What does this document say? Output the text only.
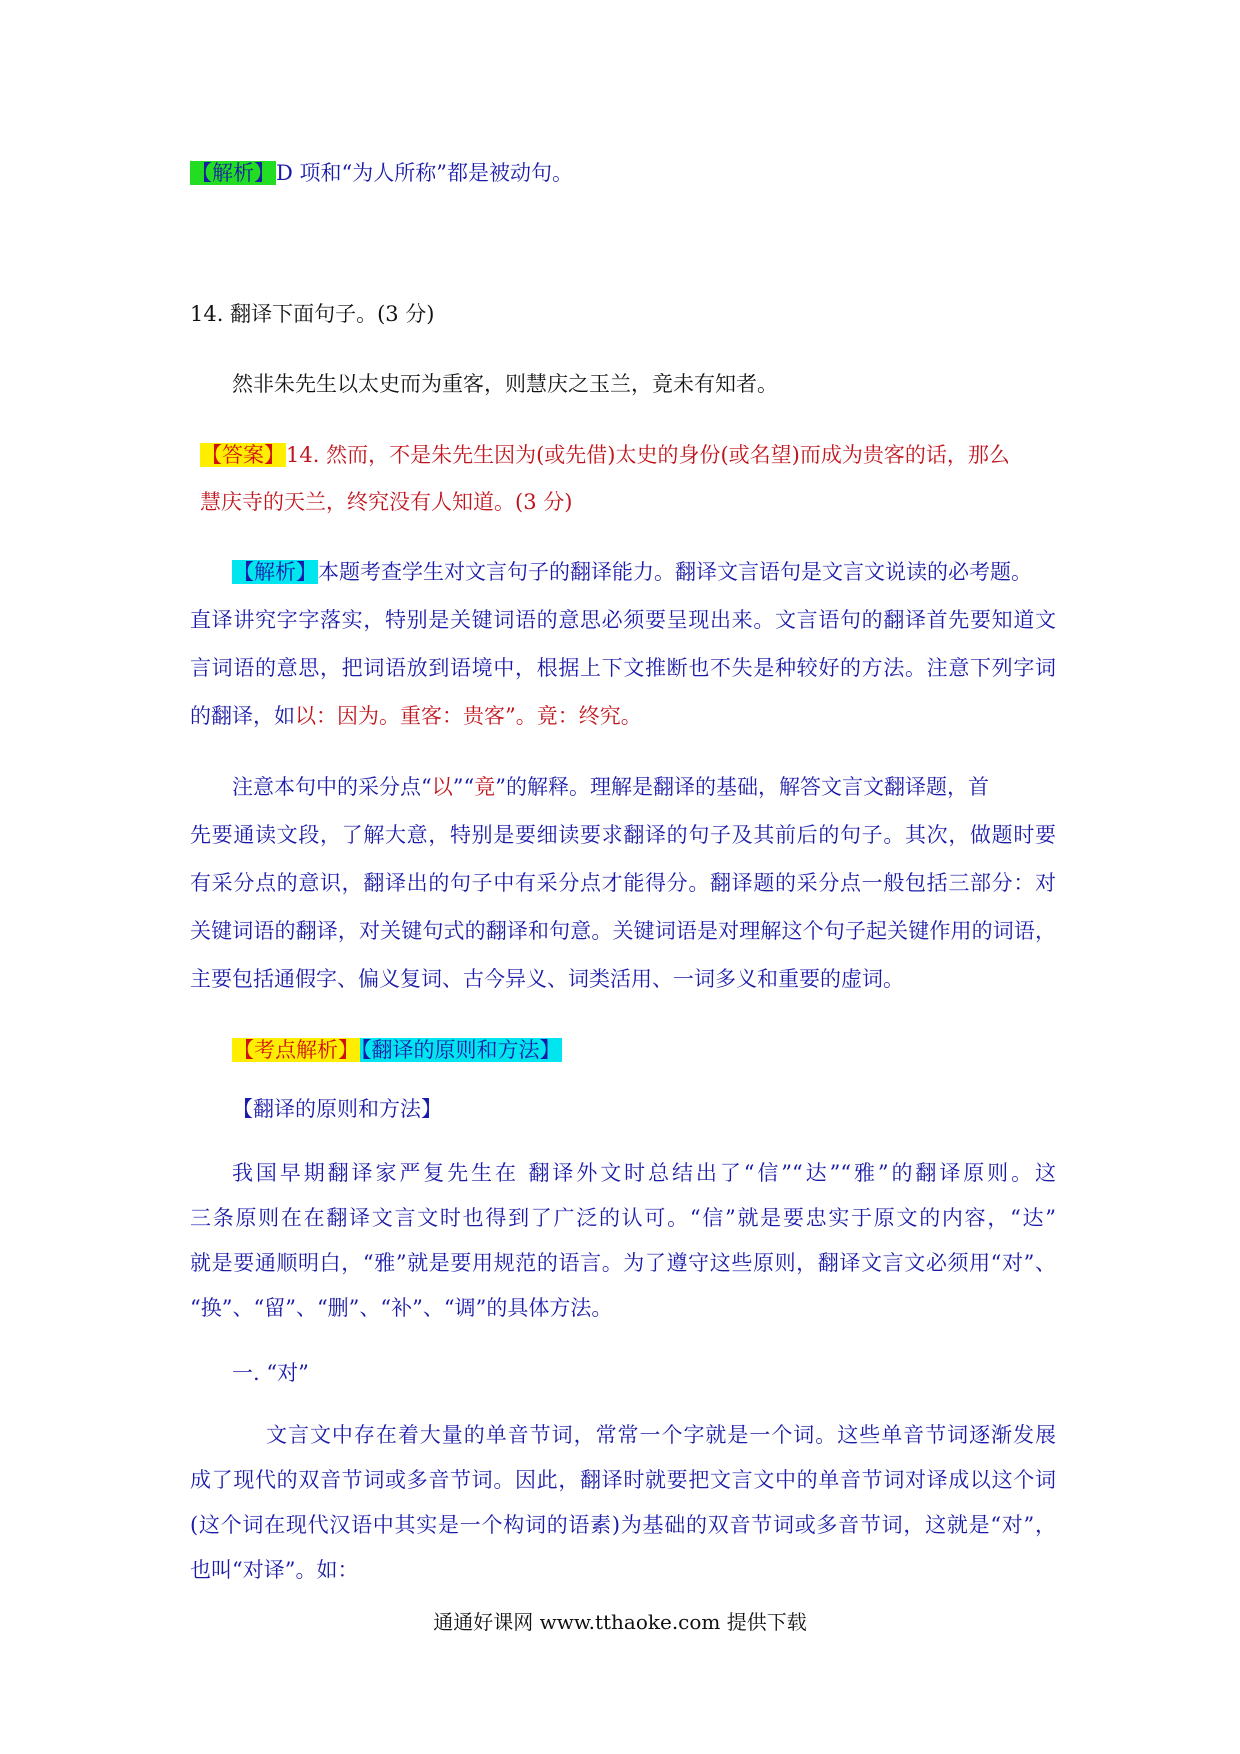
【解析】D 项和“为人所称”都是被动句。
14. 翻译下面句子。(3 分)
然非朱先生以太史而为重客，则慧庆之玉兰，竟未有知者。
【答案】14. 然而，不是朱先生因为(或先借)太史的身份(或名望)而成为贵客的话，那么
慧庆寺的天兰，终究没有人知道。(3 分)
【解析】本题考查学生对文言句子的翻译能力。翻译文言语句是文言文说读的必考题。
直译讲究字字落实，特别是关键词语的意思必须要呈现出来。文言语句的翻译首先要知道文
言词语的意思，把词语放到语境中，根据上下文推断也不失是种较好的方法。注意下列字词
的翻译，如以：因为。重客：贵客”。竟：终究。
注意本句中的采分点“以”“竟”的解释。理解是翻译的基础，解答文言文翻译题，首
先要通读文段，了解大意，特别是要细读要求翻译的句子及其前后的句子。其次，做题时要
有采分点的意识，翻译出的句子中有采分点才能得分。翻译题的采分点一般包括三部分：对
关键词语的翻译，对关键句式的翻译和句意。关键词语是对理解这个句子起关键作用的词语，
主要包括通假字、偏义复词、古今异义、词类活用、一词多义和重要的虚词。
【考点解析】【翻译的原则和方法】
【翻译的原则和方法】
我国早期翻译家严复先生在 翻译外文时总结出了“信”“达”“雅”的翻译原则。这
三条原则在在翻译文言文时也得到了广泛的认可。“信”就是要忠实于原文的内容，“达”
就是要通顺明白，“雅”就是要用规范的语言。为了遵守这些原则，翻译文言文必须用“对”、
“换”、“留”、“删”、“补”、“调”的具体方法。
一. “对”
文言文中存在着大量的单音节词，常常一个字就是一个词。这些单音节词逐渐发展
成了现代的双音节词或多音节词。因此，翻译时就要把文言文中的单音节词对译成以这个词
(这个词在现代汉语中其实是一个构词的语素)为基础的双音节词或多音节词，这就是“对”，
也叫“对译”。如：
通通好课网 www.tthaoke.com 提供下载
